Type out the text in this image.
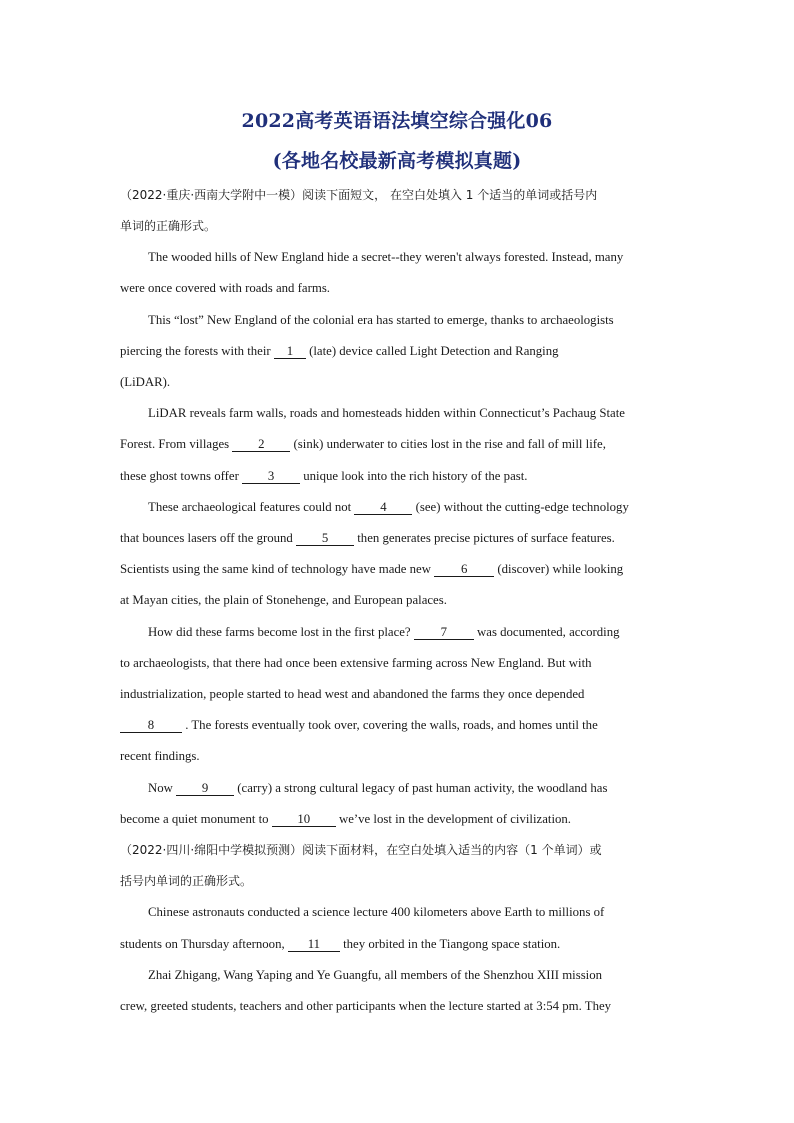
2022高考英语语法填空综合强化06
(各地名校最新高考模拟真题)
（2022·重庆·西南大学附中一模）阅读下面短文， 在空白处填入 1 个适当的单词或括号内
单词的正确形式。
The wooded hills of New England hide a secret--they weren't always forested. Instead, many
were once covered with roads and farms.
This “lost” New England of the colonial era has started to emerge, thanks to archaeologists
piercing the forests with their 1 (late) device called Light Detection and Ranging
(LiDAR).
LiDAR reveals farm walls, roads and homesteads hidden within Connecticut’s Pachaug State
Forest. From villages 2 (sink) underwater to cities lost in the rise and fall of mill life,
these ghost towns offer 3 unique look into the rich history of the past.
These archaeological features could not 4 (see) without the cutting-edge technology
that bounces lasers off the ground 5 then generates precise pictures of surface features.
Scientists using the same kind of technology have made new 6 (discover) while looking
at Mayan cities, the plain of Stonehenge, and European palaces.
How did these farms become lost in the first place? 7 was documented, according
to archaeologists, that there had once been extensive farming across New England. But with
industrialization, people started to head west and abandoned the farms they once depended
8 . The forests eventually took over, covering the walls, roads, and homes until the
recent findings.
Now 9 (carry) a strong cultural legacy of past human activity, the woodland has
become a quiet monument to 10 we’ve lost in the development of civilization.
（2022·四川·绵阳中学模拟预测）阅读下面材料，在空白处填入适当的内容（1 个单词）或
括号内单词的正确形式。
Chinese astronauts conducted a science lecture 400 kilometers above Earth to millions of
students on Thursday afternoon, 11 they orbited in the Tiangong space station.
Zhai Zhigang, Wang Yaping and Ye Guangfu, all members of the Shenzhou XIII mission
crew, greeted students, teachers and other participants when the lecture started at 3:54 pm. They
